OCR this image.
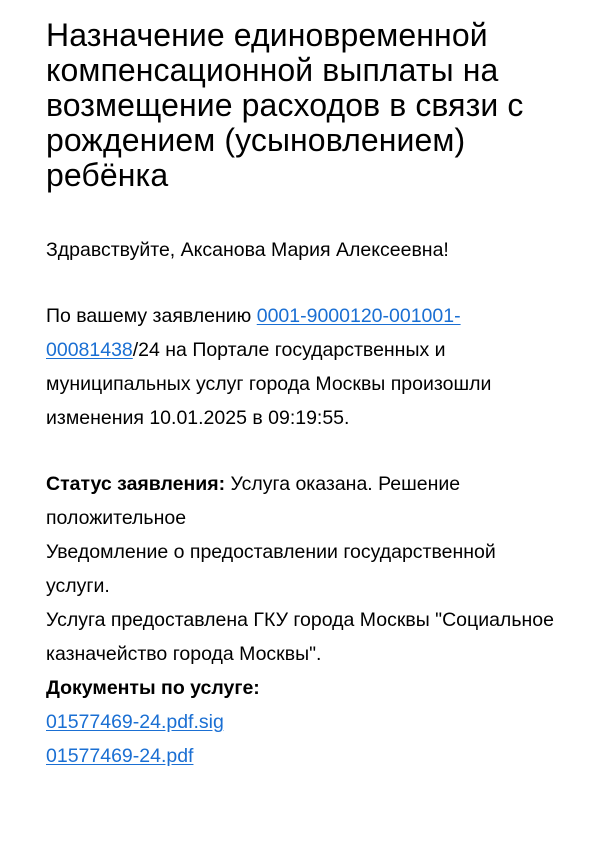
Назначение единовременной компенсационной выплаты на возмещение расходов в связи с рождением (усыновлением) ребёнка

Здравствуйте, Аксанова Мария Алексеевна!

По вашему заявлению 0001-9000120-001001-00081438/24 на Портале государственных и муниципальных услуг города Москвы произошли изменения 10.01.2025 в 09:19:55.

Статус заявления: Услуга оказана. Решение положительное

Уведомление о предоставлении государственной услуги.

Услуга предоставлена ГКУ города Москвы "Социальное казначейство города Москвы".

Документы по услуге:

01577469-24.pdf.sig
01577469-24.pdf
